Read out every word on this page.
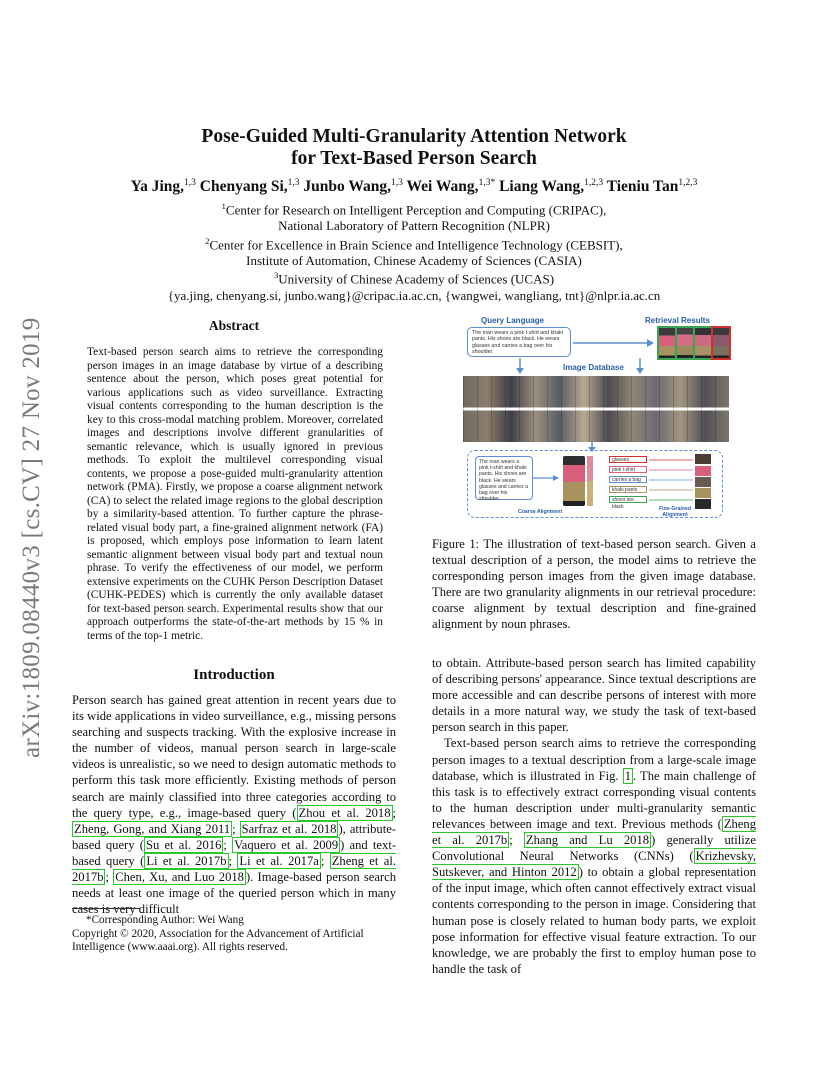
arXiv:1809.08440v3 [cs.CV] 27 Nov 2019
Pose-Guided Multi-Granularity Attention Network
for Text-Based Person Search
Ya Jing,$^{1,3}$ Chenyang Si,$^{1,3}$ Junbo Wang,$^{1,3}$ Wei Wang,$^{1,3*}$ Liang Wang,$^{1,2,3}$ Tieniu Tan$^{1,2,3}$
$^1$Center for Research on Intelligent Perception and Computing (CRIPAC),
National Laboratory of Pattern Recognition (NLPR)
$^2$Center for Excellence in Brain Science and Intelligence Technology (CEBSIT),
Institute of Automation, Chinese Academy of Sciences (CASIA)
$^3$University of Chinese Academy of Sciences (UCAS)
{ya.jing, chenyang.si, junbo.wang}@cripac.ia.ac.cn, {wangwei, wangliang, tnt}@nlpr.ia.ac.cn
Abstract
Text-based person search aims to retrieve the corresponding person images in an image database by virtue of a describing sentence about the person, which poses great potential for various applications such as video surveillance. Extracting visual contents corresponding to the human description is the key to this cross-modal matching problem. Moreover, correlated images and descriptions involve different granularities of semantic relevance, which is usually ignored in previous methods. To exploit the multilevel corresponding visual contents, we propose a pose-guided multi-granularity attention network (PMA). Firstly, we propose a coarse alignment network (CA) to select the related image regions to the global description by a similarity-based attention. To further capture the phrase-related visual body part, a fine-grained alignment network (FA) is proposed, which employs pose information to learn latent semantic alignment between visual body part and textual noun phrase. To verify the effectiveness of our model, we perform extensive experiments on the CUHK Person Description Dataset (CUHK-PEDES) which is currently the only available dataset for text-based person search. Experimental results show that our approach outperforms the state-of-the-art methods by 15 % in terms of the top-1 metric.
Introduction
Person search has gained great attention in recent years due to its wide applications in video surveillance, e.g., missing persons searching and suspects tracking. With the explosive increase in the number of videos, manual person search in large-scale videos is unrealistic, so we need to design automatic methods to perform this task more efficiently. Existing methods of person search are mainly classified into three categories according to the query type, e.g., image-based query ( Zhou et al. 2018 ; Zheng, Gong, and Xiang 2011 ; Sarfraz et al. 2018 ), attribute-based query ( Su et al. 2016 ; Vaquero et al. 2009 ) and text-based query ( Li et al. 2017b ; Li et al. 2017a ; Zheng et al. 2017b ; Chen, Xu, and Luo 2018 ). Image-based person search needs at least one image of the queried person which in many cases is very difficult
*Corresponding Author: Wei Wang
Copyright © 2020, Association for the Advancement of Artificial Intelligence (www.aaai.org). All rights reserved.
Query Language	Retrieval Results
The man wears a pink t-shirt and khaki pants. His shoes are black. He wears glasses and carries a bag over his shoulder.
Image Database
The man wears a pink t-shirt and khaki pants. His shoes are black. He wears glasses and carries a bag over his shoulder.
glasses
pink t-shirt
carries a bag
khaki pants
shoes are black
Coarse Alignment	Fine-Grained Alignment
Figure 1: The illustration of text-based person search. Given a textual description of a person, the model aims to retrieve the corresponding person images from the given image database. There are two granularity alignments in our retrieval procedure: coarse alignment by textual description and fine-grained alignment by noun phrases.
to obtain. Attribute-based person search has limited capability of describing persons' appearance. Since textual descriptions are more accessible and can describe persons of interest with more details in a more natural way, we study the task of text-based person search in this paper.
Text-based person search aims to retrieve the corresponding person images to a textual description from a large-scale image database, which is illustrated in Fig. 1 . The main challenge of this task is to effectively extract corresponding visual contents to the human description under multi-granularity semantic relevances between image and text. Previous methods ( Zheng et al. 2017b ; Zhang and Lu 2018 ) generally utilize Convolutional Neural Networks (CNNs) ( Krizhevsky, Sutskever, and Hinton 2012 ) to obtain a global representation of the input image, which often cannot effectively extract visual contents corresponding to the person in image. Considering that human pose is closely related to human body parts, we exploit pose information for effective visual feature extraction. To our knowledge, we are probably the first to employ human pose to handle the task of
